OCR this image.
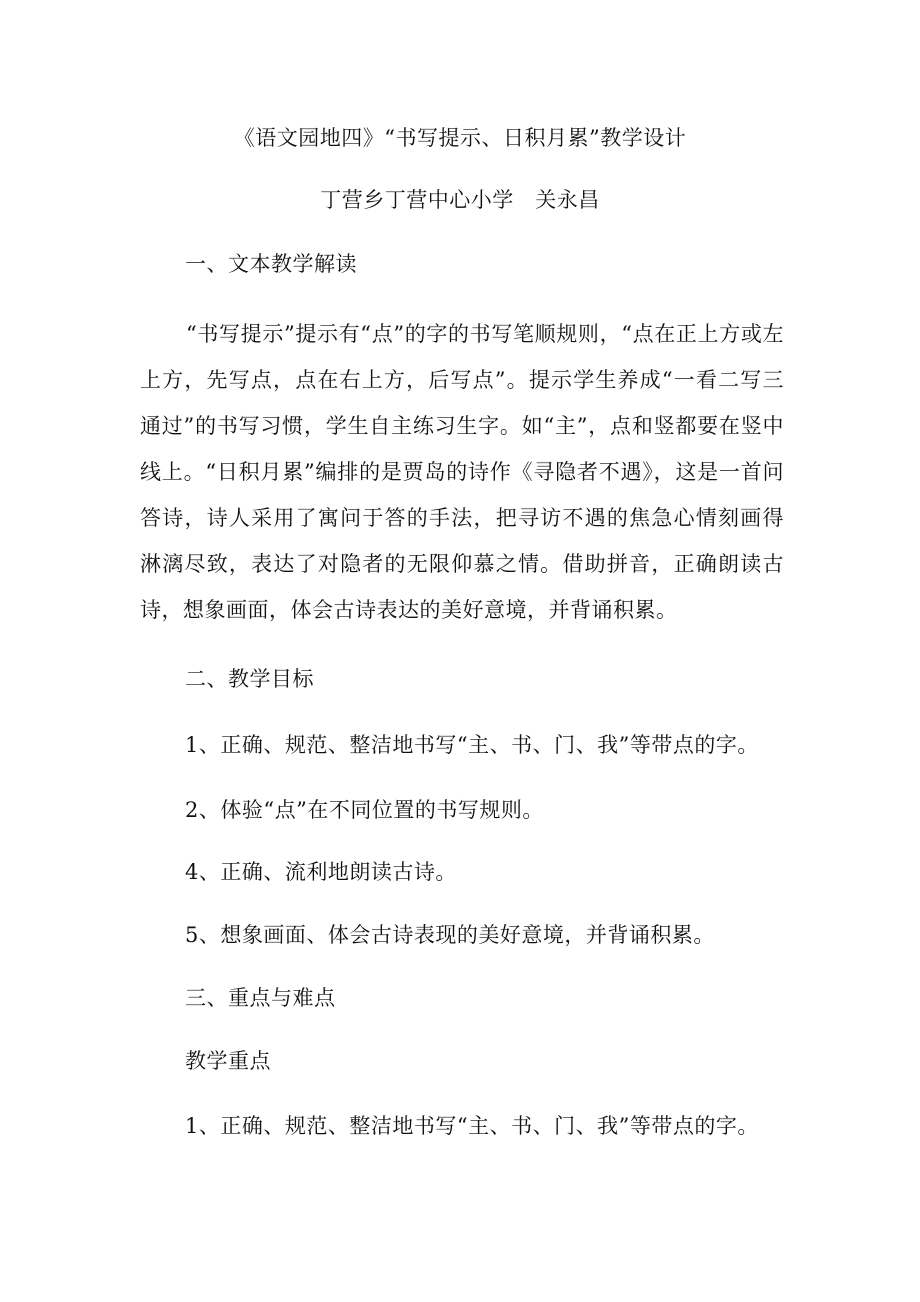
《语文园地四》“书写提示、日积月累”教学设计
丁营乡丁营中心小学　关永昌
一、文本教学解读

“书写提示”提示有“点”的字的书写笔顺规则，“点在正上方或左上方，先写点，点在右上方，后写点”。提示学生养成“一看二写三通过”的书写习惯，学生自主练习生字。如“主”，点和竖都要在竖中线上。“日积月累”编排的是贾岛的诗作《寻隐者不遇》，这是一首问答诗，诗人采用了寓问于答的手法，把寻访不遇的焦急心情刻画得淋漓尽致，表达了对隐者的无限仰慕之情。借助拼音，正确朗读古诗，想象画面，体会古诗表达的美好意境，并背诵积累。

二、教学目标
1、正确、规范、整洁地书写“主、书、门、我”等带点的字。
2、体验“点”在不同位置的书写规则。
4、正确、流利地朗读古诗。
5、想象画面、体会古诗表现的美好意境，并背诵积累。
三、重点与难点
教学重点
1、正确、规范、整洁地书写“主、书、门、我”等带点的字。
